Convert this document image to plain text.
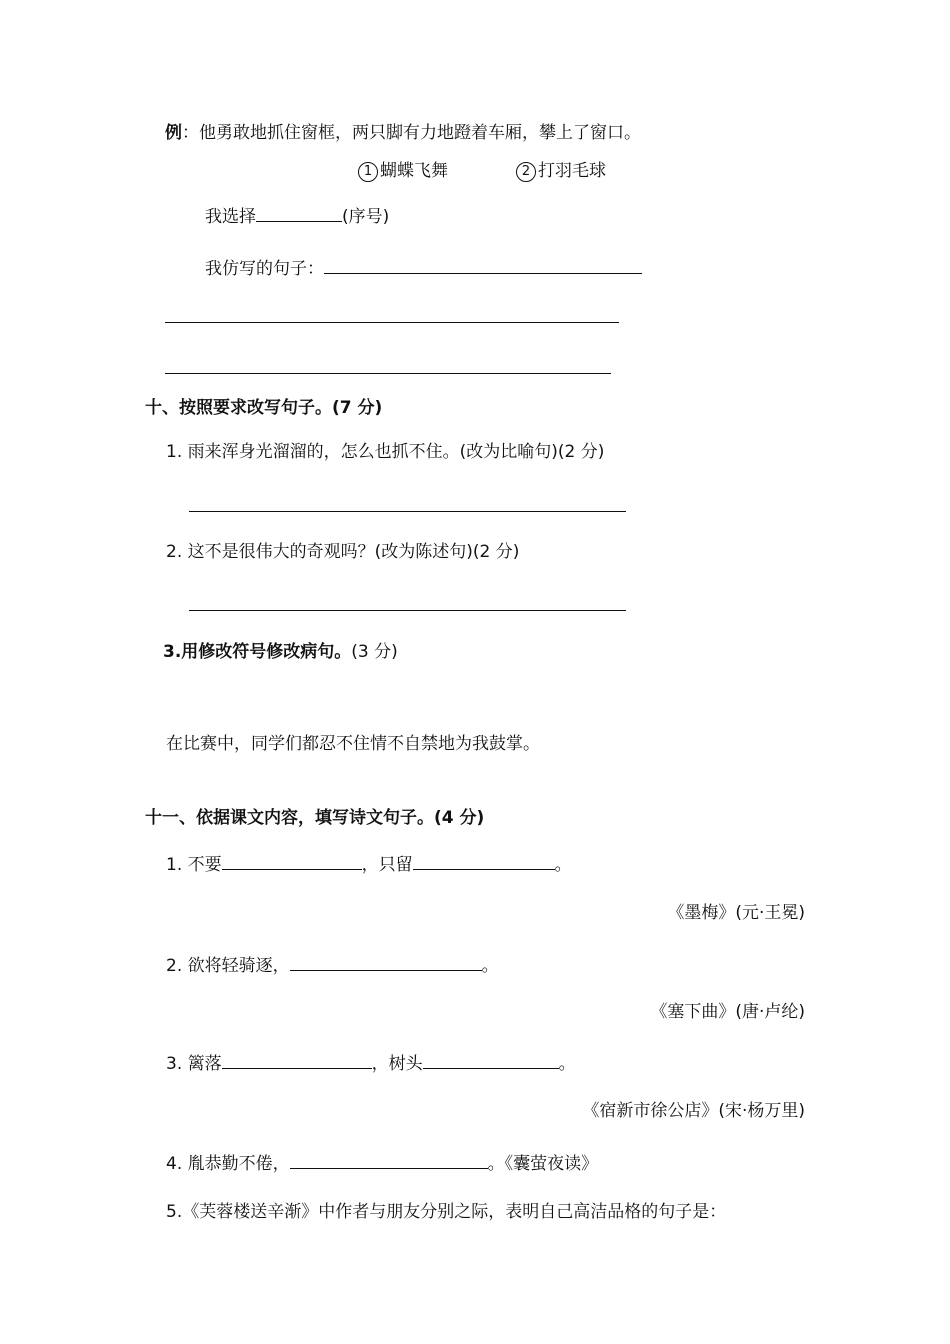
例：他勇敢地抓住窗框，两只脚有力地蹬着车厢，攀上了窗口。
1 蝴蝶飞舞	2 打羽毛球
我选择	(序号)
我仿写的句子：
十、按照要求改写句子。(7 分)
1. 雨来浑身光溜溜的，怎么也抓不住。(改为比喻句)(2 分)
2. 这不是很伟大的奇观吗？(改为陈述句)(2 分)
3.用修改符号修改病句。(3 分)
在比赛中，同学们都忍不住情不自禁地为我鼓掌。
十一、依据课文内容，填写诗文句子。(4 分)
1. 不要	，只留	。
《墨梅》(元·王冕)
2. 欲将轻骑逐，	。
《塞下曲》(唐·卢纶)
3. 篱落	，树头	。
《宿新市徐公店》(宋·杨万里)
4. 胤恭勤不倦，	。《囊萤夜读》
5.《芙蓉楼送辛渐》中作者与朋友分别之际，表明自己高洁品格的句子是：
